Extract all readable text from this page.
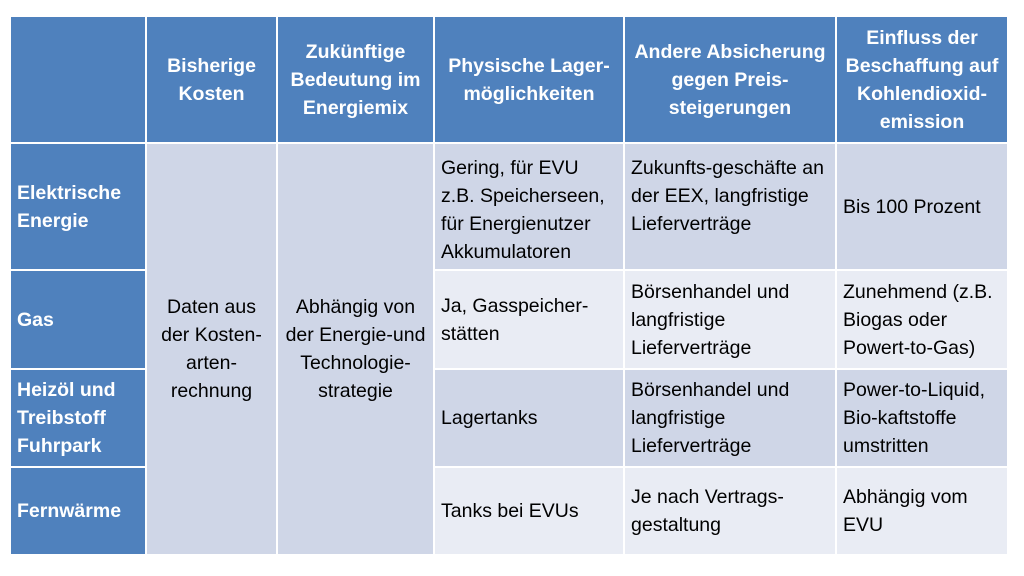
	Bisherige Kosten	Zukünftige Bedeutung im Energiemix	Physische Lager-möglichkeiten	Andere Absicherung gegen Preis-steigerungen	Einfluss der Beschaffung auf Kohlendioxid-emission
Elektrische Energie	Daten aus der Kosten-arten-rechnung	Abhängig von der Energie-und Technologie-strategie	Gering, für EVU z.B. Speicherseen, für Energienutzer Akkumulatoren	Zukunfts-geschäfte an der EEX, langfristige Lieferverträge	Bis 100 Prozent
Gas			Ja, Gasspeicher-stätten	Börsenhandel und langfristige Lieferverträge	Zunehmend (z.B. Biogas oder Powert-to-Gas)
Heizöl und Treibstoff Fuhrpark			Lagertanks	Börsenhandel und langfristige Lieferverträge	Power-to-Liquid, Bio-kaftstoffe umstritten
Fernwärme			Tanks bei EVUs	Je nach Vertrags-gestaltung	Abhängig vom EVU
